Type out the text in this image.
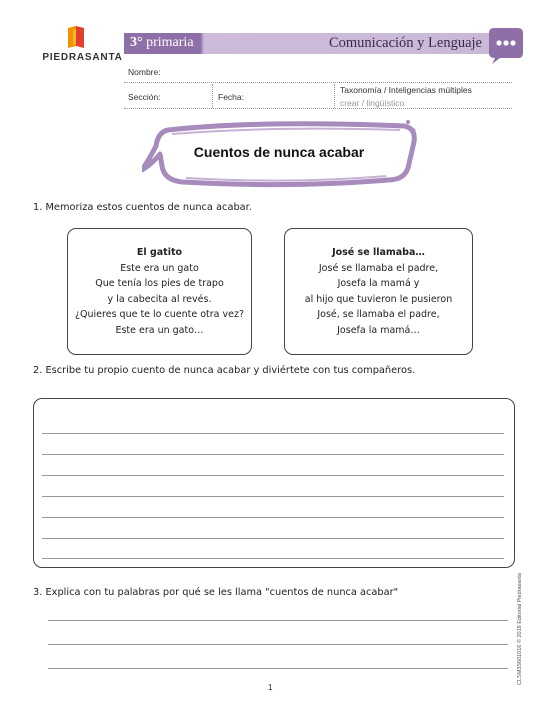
PIEDRASANTA
3° primaria	Comunicación y Lenguaje
Nombre:
Sección:	Fecha:
Taxonomía / Inteligencias múltiples
crear / lingüístico
Cuentos de nunca acabar
1. Memoriza estos cuentos de nunca acabar.
El gatito
Este era un gato
Que tenía los pies de trapo
y la cabecita al revés.
¿Quieres que te lo cuente otra vez?
Este era un gato…
José se llamaba…
José se llamaba el padre,
Josefa la mamá y
al hijo que tuvieron le pusieron
José, se llamaba el padre,
Josefa la mamá…
2. Escribe tu propio cuento de nunca acabar y diviértete con tus compañeros.
3. Explica con tu palabras por qué se les llama "cuentos de nunca acabar"	CLSM3S601016 © 2018 Editorial Piedrasanta
1
